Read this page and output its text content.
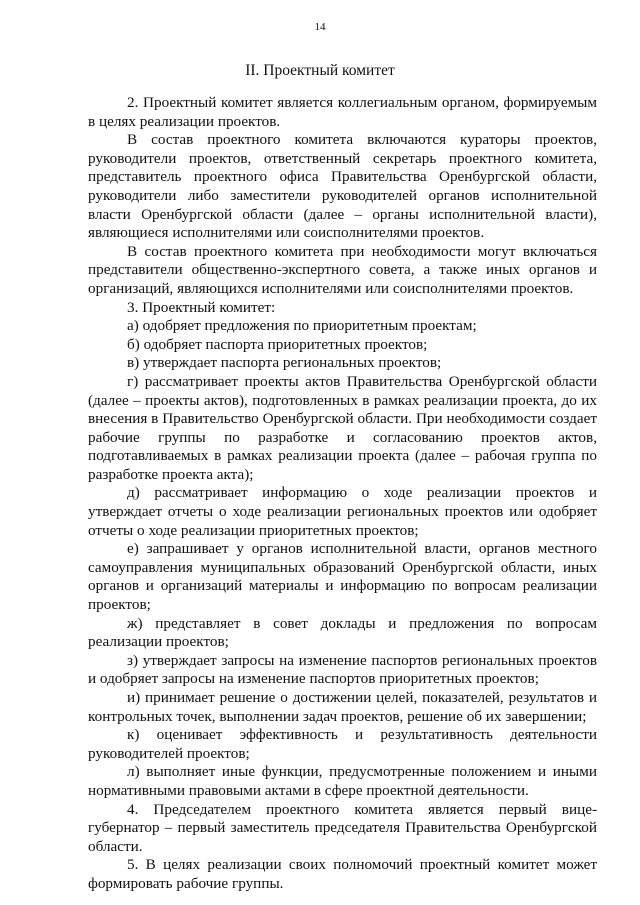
14
II. Проектный комитет

2. Проектный комитет является коллегиальным органом, формируемым в целях реализации проектов.

В состав проектного комитета включаются кураторы проектов, руководители проектов, ответственный секретарь проектного комитета, представитель проектного офиса Правительства Оренбургской области, руководители либо заместители руководителей органов исполнительной власти Оренбургской области (далее – органы исполнительной власти), являющиеся исполнителями или соисполнителями проектов.

В состав проектного комитета при необходимости могут включаться представители общественно-экспертного совета, а также иных органов и организаций, являющихся исполнителями или соисполнителями проектов.

3. Проектный комитет:

а) одобряет предложения по приоритетным проектам;

б) одобряет паспорта приоритетных проектов;

в) утверждает паспорта региональных проектов;

г) рассматривает проекты актов Правительства Оренбургской области (далее – проекты актов), подготовленных в рамках реализации проекта, до их внесения в Правительство Оренбургской области. При необходимости создает рабочие группы по разработке и согласованию проектов актов, подготавливаемых в рамках реализации проекта (далее – рабочая группа по разработке проекта акта);

д) рассматривает информацию о ходе реализации проектов и утверждает отчеты о ходе реализации региональных проектов или одобряет отчеты о ходе реализации приоритетных проектов;

е) запрашивает у органов исполнительной власти, органов местного самоуправления муниципальных образований Оренбургской области, иных органов и организаций материалы и информацию по вопросам реализации проектов;

ж) представляет в совет доклады и предложения по вопросам реализации проектов;

з) утверждает запросы на изменение паспортов региональных проектов и одобряет запросы на изменение паспортов приоритетных проектов;

и) принимает решение о достижении целей, показателей, результатов и контрольных точек, выполнении задач проектов, решение об их завершении;

к) оценивает эффективность и результативность деятельности руководителей проектов;

л) выполняет иные функции, предусмотренные положением и иными нормативными правовыми актами в сфере проектной деятельности.

4. Председателем проектного комитета является первый вице-губернатор – первый заместитель председателя Правительства Оренбургской области.

5. В целях реализации своих полномочий проектный комитет может формировать рабочие группы.
